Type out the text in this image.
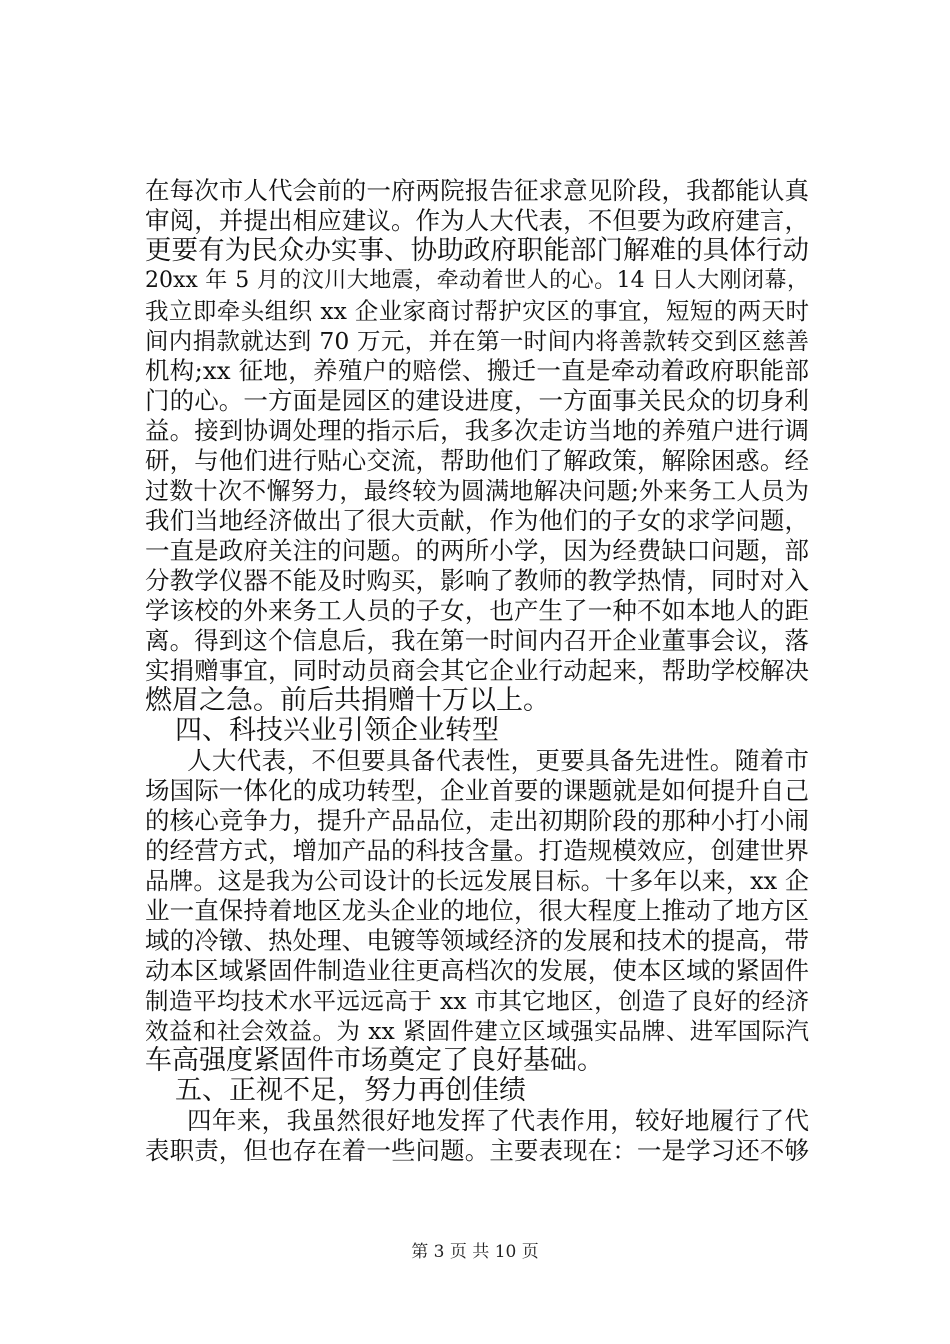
在每次市人代会前的一府两院报告征求意见阶段，我都能认真
审阅，并提出相应建议。作为人大代表，不但要为政府建言，
更要有为民众办实事、协助政府职能部门解难的具体行动
20xx 年 5 月的汶川大地震，牵动着世人的心。14 日人大刚闭幕，
我立即牵头组织 xx 企业家商讨帮护灾区的事宜，短短的两天时
间内捐款就达到 70 万元，并在第一时间内将善款转交到区慈善
机构;xx 征地，养殖户的赔偿、搬迁一直是牵动着政府职能部
门的心。一方面是园区的建设进度，一方面事关民众的切身利
益。接到协调处理的指示后，我多次走访当地的养殖户进行调
研，与他们进行贴心交流，帮助他们了解政策，解除困惑。经
过数十次不懈努力，最终较为圆满地解决问题;外来务工人员为
我们当地经济做出了很大贡献，作为他们的子女的求学问题，
一直是政府关注的问题。的两所小学，因为经费缺口问题，部
分教学仪器不能及时购买，影响了教师的教学热情，同时对入
学该校的外来务工人员的子女，也产生了一种不如本地人的距
离。得到这个信息后，我在第一时间内召开企业董事会议，落
实捐赠事宜，同时动员商会其它企业行动起来，帮助学校解决
燃眉之急。前后共捐赠十万以上。
四、科技兴业引领企业转型
人大代表，不但要具备代表性，更要具备先进性。随着市
场国际一体化的成功转型，企业首要的课题就是如何提升自己
的核心竞争力，提升产品品位，走出初期阶段的那种小打小闹
的经营方式，增加产品的科技含量。打造规模效应，创建世界
品牌。这是我为公司设计的长远发展目标。十多年以来，xx 企
业一直保持着地区龙头企业的地位，很大程度上推动了地方区
域的冷镦、热处理、电镀等领域经济的发展和技术的提高，带
动本区域紧固件制造业往更高档次的发展，使本区域的紧固件
制造平均技术水平远远高于 xx 市其它地区，创造了良好的经济
效益和社会效益。为 xx 紧固件建立区域强实品牌、进军国际汽
车高强度紧固件市场奠定了良好基础。
五、正视不足，努力再创佳绩
四年来，我虽然很好地发挥了代表作用，较好地履行了代
表职责，但也存在着一些问题。主要表现在：一是学习还不够
第 3 页 共 10 页
